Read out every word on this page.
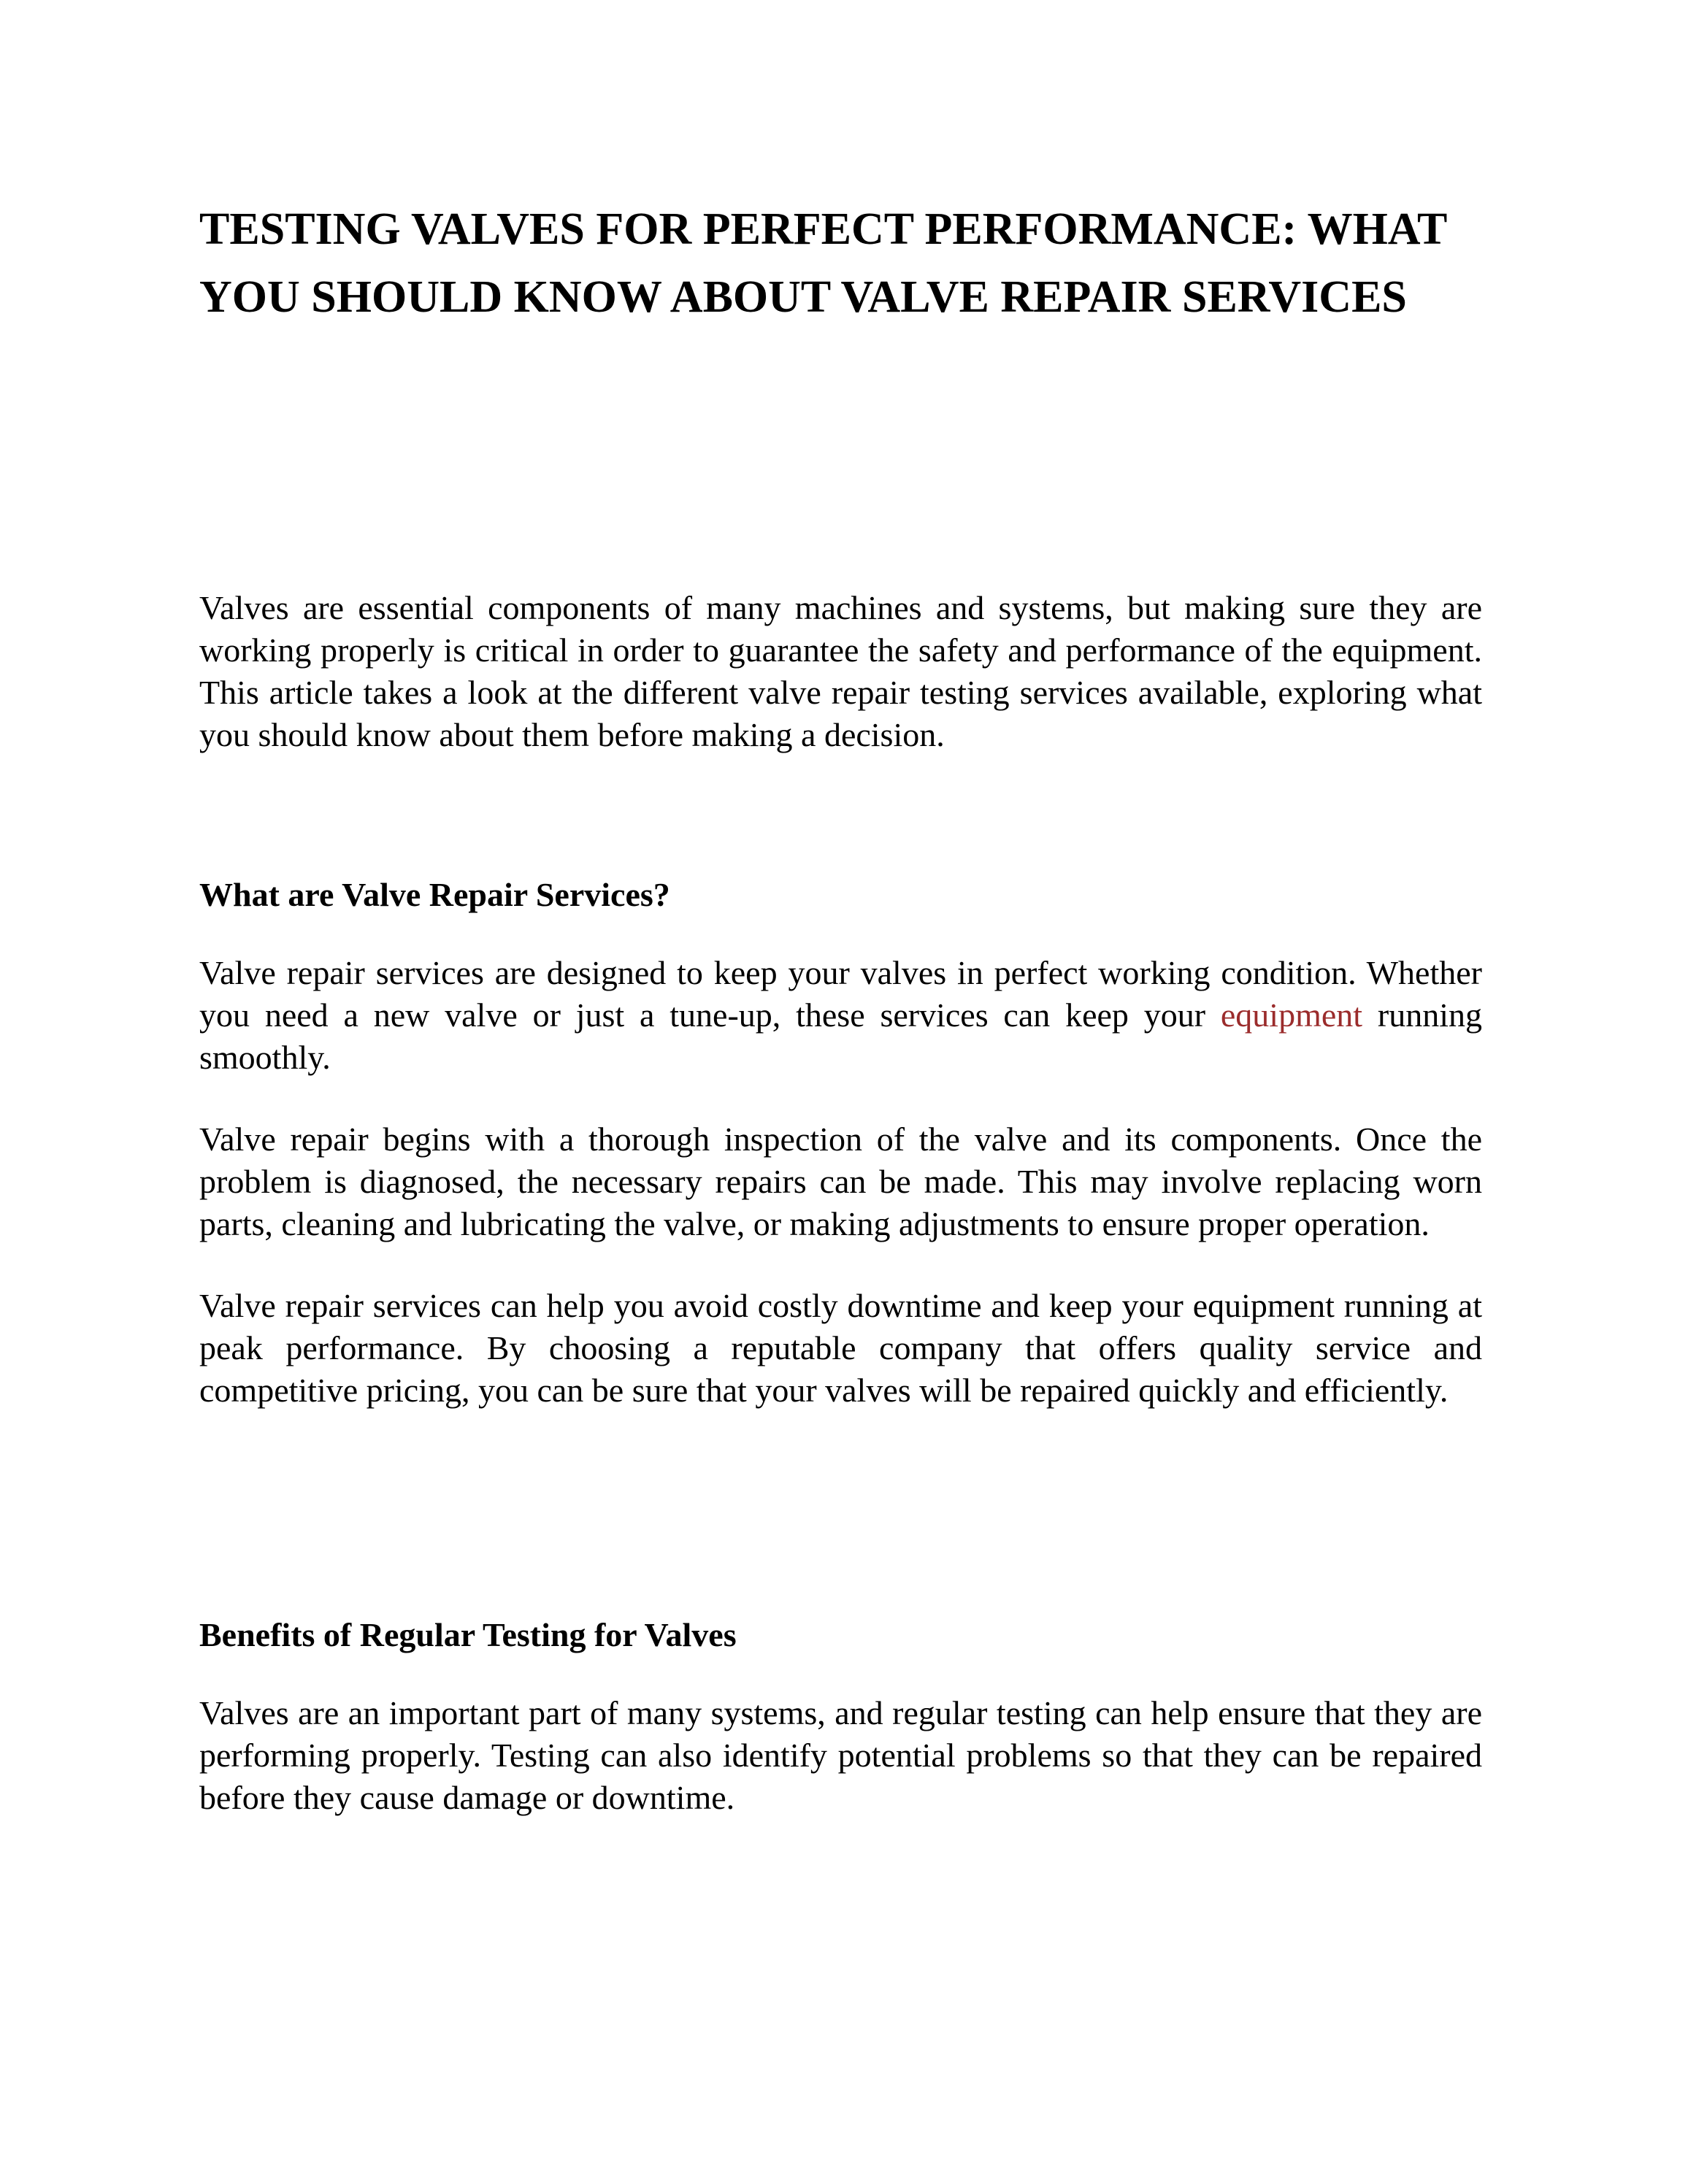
TESTING VALVES FOR PERFECT PERFORMANCE: WHAT YOU SHOULD KNOW ABOUT VALVE REPAIR SERVICES

Valves are essential components of many machines and systems, but making sure they are working properly is critical in order to guarantee the safety and performance of the equipment. This article takes a look at the different valve repair testing services available, exploring what you should know about them before making a decision.

What are Valve Repair Services?

Valve repair services are designed to keep your valves in perfect working condition. Whether you need a new valve or just a tune-up, these services can keep your equipment running smoothly.

Valve repair begins with a thorough inspection of the valve and its components. Once the problem is diagnosed, the necessary repairs can be made. This may involve replacing worn parts, cleaning and lubricating the valve, or making adjustments to ensure proper operation.

Valve repair services can help you avoid costly downtime and keep your equipment running at peak performance. By choosing a reputable company that offers quality service and competitive pricing, you can be sure that your valves will be repaired quickly and efficiently.

Benefits of Regular Testing for Valves

Valves are an important part of many systems, and regular testing can help ensure that they are performing properly. Testing can also identify potential problems so that they can be repaired before they cause damage or downtime.
